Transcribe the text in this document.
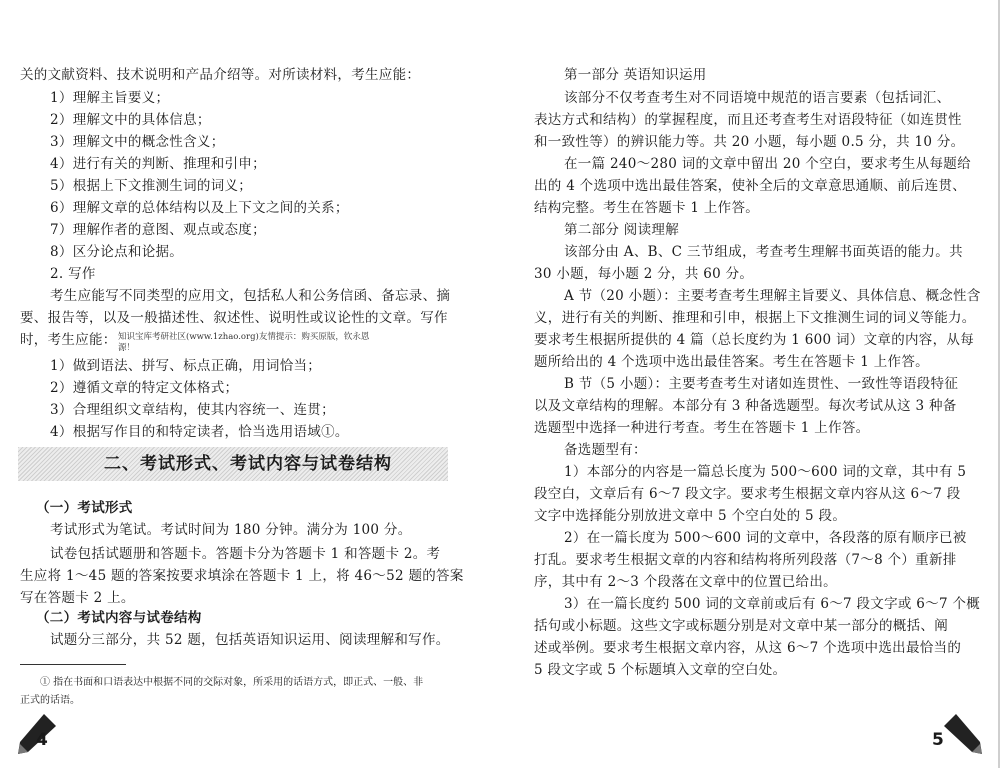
关的文献资料、技术说明和产品介绍等。对所读材料，考生应能：
1）理解主旨要义；
2）理解文中的具体信息；
3）理解文中的概念性含义；
4）进行有关的判断、推理和引申；
5）根据上下文推测生词的词义；
6）理解文章的总体结构以及上下文之间的关系；
7）理解作者的意图、观点或态度；
8）区分论点和论据。
2. 写作
考生应能写不同类型的应用文，包括私人和公务信函、备忘录、摘
要、报告等，以及一般描述性、叙述性、说明性或议论性的文章。写作
时，考生应能： 知识宝库考研社区(www.1zhao.org)友情提示：购买原版，钦永恩
源！
1）做到语法、拼写、标点正确，用词恰当；
2）遵循文章的特定文体格式；
3）合理组织文章结构，使其内容统一、连贯；
4）根据写作目的和特定读者，恰当选用语域①。
二、考试形式、考试内容与试卷结构
（一）考试形式
考试形式为笔试。考试时间为 180 分钟。满分为 100 分。
试卷包括试题册和答题卡。答题卡分为答题卡 1 和答题卡 2。考
生应将 1～45 题的答案按要求填涂在答题卡 1 上，将 46～52 题的答案
写在答题卡 2 上。
（二）考试内容与试卷结构
试题分三部分，共 52 题，包括英语知识运用、阅读理解和写作。
① 指在书面和口语表达中根据不同的交际对象，所采用的话语方式，即正式、一般、非
正式的话语。
4
第一部分 英语知识运用
该部分不仅考查考生对不同语境中规范的语言要素（包括词汇、
表达方式和结构）的掌握程度，而且还考查考生对语段特征（如连贯性
和一致性等）的辨识能力等。共 20 小题，每小题 0.5 分，共 10 分。
在一篇 240～280 词的文章中留出 20 个空白，要求考生从每题给
出的 4 个选项中选出最佳答案，使补全后的文章意思通顺、前后连贯、
结构完整。考生在答题卡 1 上作答。
第二部分 阅读理解
该部分由 A、B、C 三节组成，考查考生理解书面英语的能力。共
30 小题，每小题 2 分，共 60 分。
A 节（20 小题）：主要考查考生理解主旨要义、具体信息、概念性含
义，进行有关的判断、推理和引申，根据上下文推测生词的词义等能力。
要求考生根据所提供的 4 篇（总长度约为 1 600 词）文章的内容，从每
题所给出的 4 个选项中选出最佳答案。考生在答题卡 1 上作答。
B 节（5 小题）：主要考查考生对诸如连贯性、一致性等语段特征
以及文章结构的理解。本部分有 3 种备选题型。每次考试从这 3 种备
选题型中选择一种进行考查。考生在答题卡 1 上作答。
备选题型有：
1）本部分的内容是一篇总长度为 500～600 词的文章，其中有 5
段空白，文章后有 6～7 段文字。要求考生根据文章内容从这 6～7 段
文字中选择能分别放进文章中 5 个空白处的 5 段。
2）在一篇长度为 500～600 词的文章中，各段落的原有顺序已被
打乱。要求考生根据文章的内容和结构将所列段落（7～8 个）重新排
序，其中有 2～3 个段落在文章中的位置已给出。
3）在一篇长度约 500 词的文章前或后有 6～7 段文字或 6～7 个概
括句或小标题。这些文字或标题分别是对文章中某一部分的概括、阐
述或举例。要求考生根据文章内容，从这 6～7 个选项中选出最恰当的
5 段文字或 5 个标题填入文章的空白处。
5
